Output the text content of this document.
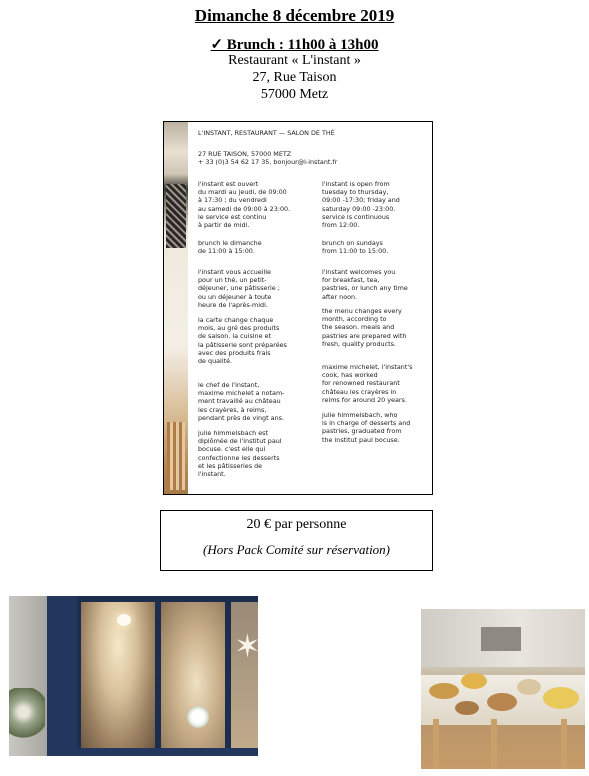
Dimanche 8 décembre 2019
✓ Brunch : 11h00 à 13h00
Restaurant « L'instant »
27, Rue Taison
57000 Metz

L'INSTANT, RESTAURANT — SALON DE THÉ

27 RUE TAISON, 57000 METZ
+ 33 (0)3 54 62 17 35, bonjour@l-instant.fr

l'instant est ouvert
du mardi au jeudi, de 09:00
à 17:30 ; du vendredi
au samedi de 09:00 à 23:00.
le service est continu
à partir de midi.

brunch le dimanche
de 11:00 à 15:00.

l'instant vous accueille
pour un thé, un petit-
déjeuner, une pâtisserie ;
ou un déjeuner à toute
heure de l'après-midi.

la carte change chaque
mois, au gré des produits
de saison. la cuisine et
la pâtisserie sont préparées
avec des produits frais
de qualité.

le chef de l'instant,
maxime michelet a notam-
ment travaillé au château
les crayères, à reims,
pendant près de vingt ans.

julie himmelsbach est
diplômée de l'institut paul
bocuse. c'est elle qui
confectionne les desserts
et les pâtisseries de
l'instant.

l'instant is open from
tuesday to thursday,
09:00 -17:30; friday and
saturday 09:00 -23:00.
service is continuous
from 12:00.

brunch on sundays
from 11:00 to 15:00.

l'instant welcomes you
for breakfast, tea,
pastries, or lunch any time
after noon.

the menu changes every
month, according to
the season. meals and
pastries are prepared with
fresh, quality products.

maxime michelet, l'instant's
cook, has worked
for renowned restaurant
château les crayères in
reims for around 20 years.

julie himmelsbach, who
is in charge of desserts and
pastries, graduated from
the institut paul bocuse.

20 € par personne
(Hors Pack Comité sur réservation)
✶
